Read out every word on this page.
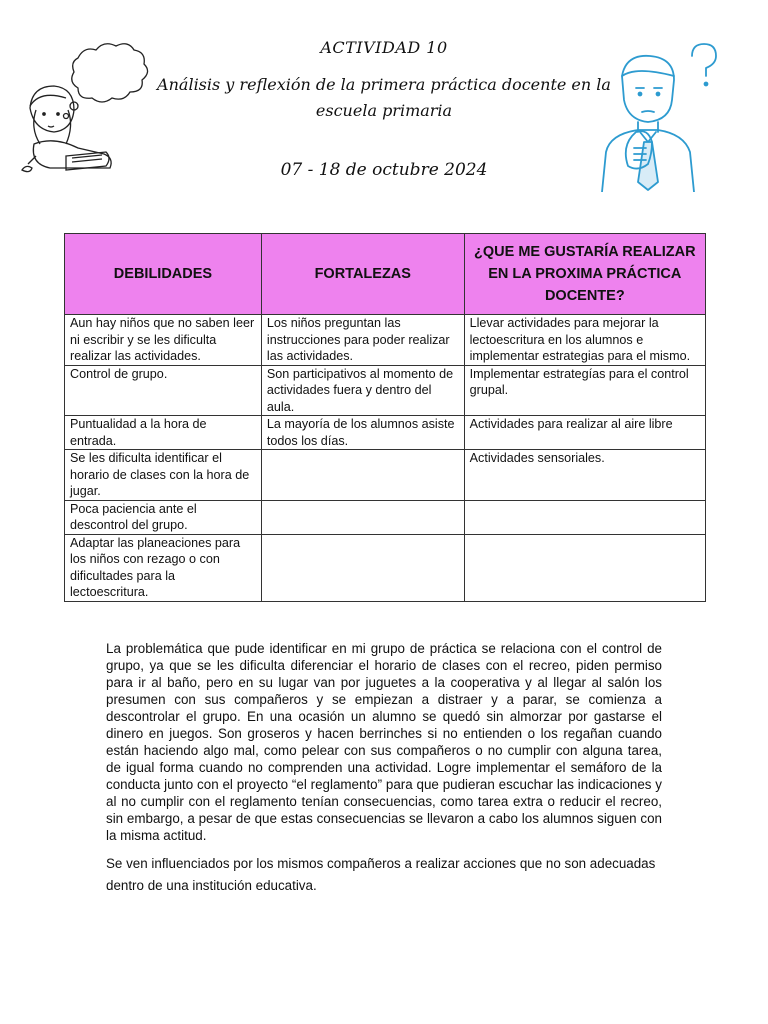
ACTIVIDAD 10
Análisis y reflexión de la primera práctica docente en la escuela primaria
07 - 18 de octubre 2024
DEBILIDADES	FORTALEZAS	¿QUE ME GUSTARÍA REALIZAR EN LA PROXIMA PRÁCTICA DOCENTE?
Aun hay niños que no saben leer ni escribir y se les dificulta realizar las actividades.	Los niños preguntan las instrucciones para poder realizar las actividades.	Llevar actividades para mejorar la lectoescritura en los alumnos e implementar estrategias para el mismo.
Control de grupo.	Son participativos al momento de actividades fuera y dentro del aula.	Implementar estrategías para el control grupal.
Puntualidad a la hora de entrada.	La mayoría de los alumnos asiste todos los días.	Actividades para realizar al aire libre
Se les dificulta identificar el horario de clases con la hora de jugar.		Actividades sensoriales.
Poca paciencia ante el descontrol del grupo.		
Adaptar las planeaciones para los niños con rezago o con dificultades para la lectoescritura.		

La problemática que pude identificar en mi grupo de práctica se relaciona con el control de grupo, ya que se les dificulta diferenciar el horario de clases con el recreo, piden permiso para ir al baño, pero en su lugar van por juguetes a la cooperativa y al llegar al salón los presumen con sus compañeros y se empiezan a distraer y a parar, se comienza a descontrolar el grupo. En una ocasión un alumno se quedó sin almorzar por gastarse el dinero en juegos. Son groseros y hacen berrinches si no entienden o los regañan cuando están haciendo algo mal, como pelear con sus compañeros o no cumplir con alguna tarea, de igual forma cuando no comprenden una actividad. Logre implementar el semáforo de la conducta junto con el proyecto “el reglamento” para que pudieran escuchar las indicaciones y al no cumplir con el reglamento tenían consecuencias, como tarea extra o reducir el recreo, sin embargo, a pesar de que estas consecuencias se llevaron a cabo los alumnos siguen con la misma actitud.

Se ven influenciados por los mismos compañeros a realizar acciones que no son adecuadas dentro de una institución educativa.
